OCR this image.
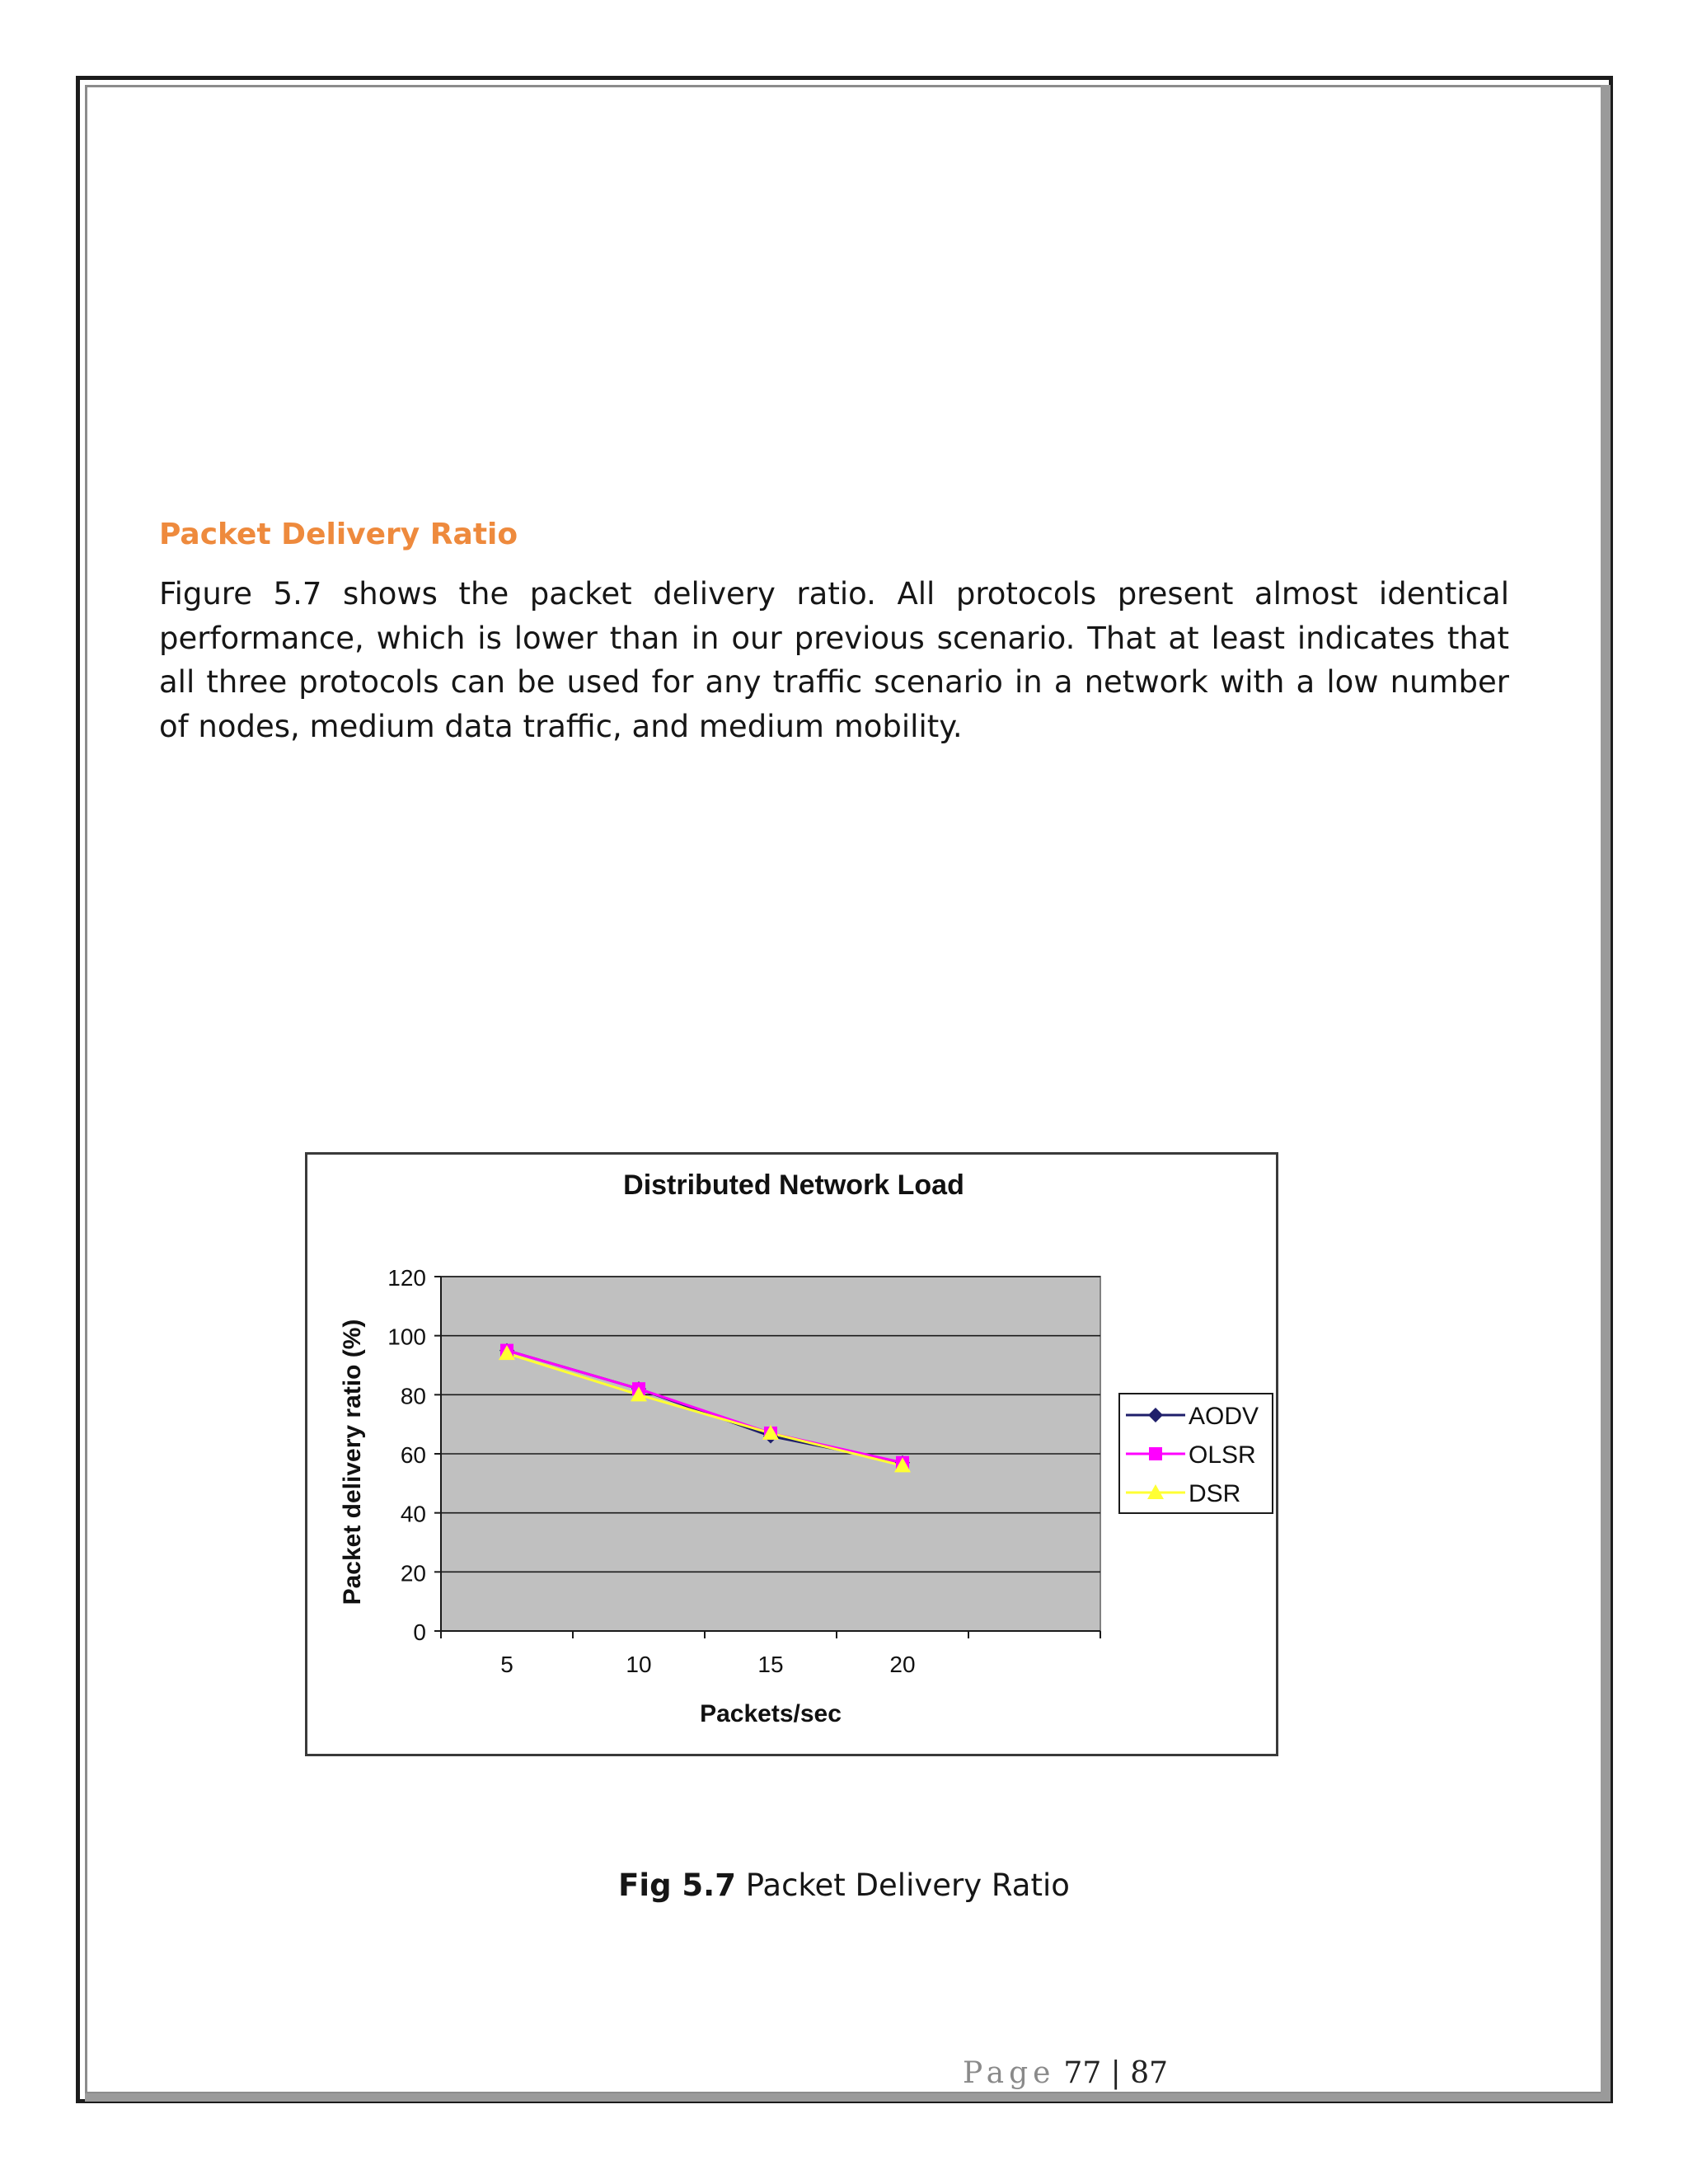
Packet Delivery Ratio

Figure 5.7 shows the packet delivery ratio. All protocols present almost identical performance, which is lower than in our previous scenario. That at least indicates that all three protocols can be used for any traffic scenario in a network with a low number of nodes, medium data traffic, and medium mobility.

Distributed Network Load
0
20
40
60
80
100
120
5	10	15	20
Packets/sec
Packet delivery ratio (%)	AODV
OLSR
DSR

Fig 5.7 Packet Delivery Ratio

Page 77 | 87
